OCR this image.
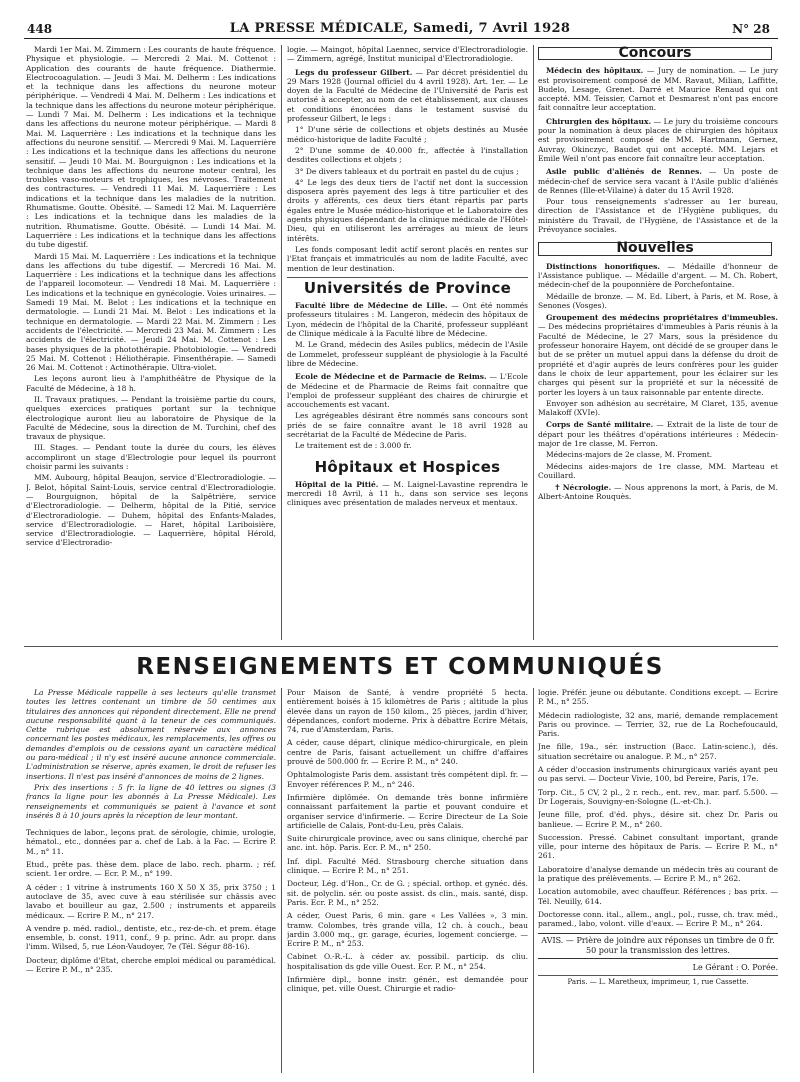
448	LA PRESSE MÉDICALE, Samedi, 7 Avril 1928	N° 28

Mardi 1er Mai. M. Zimmern : Les courants de haute fréquence. Physique et physiologie. — Mercredi 2 Mai. M. Cottenot : Application des courants de haute fréquence. Diathermie. Electrocoagulation. — Jeudi 3 Mai. M. Delherm : Les indications et la technique dans les affections du neurone moteur périphérique. — Vendredi 4 Mai. M. Delherm : Les indications et la technique dans les affections du neurone moteur périphérique. — Lundi 7 Mai. M. Delherm : Les indications et la technique dans les affections du neurone moteur périphérique. — Mardi 8 Mai. M. Laquerrière : Les indications et la technique dans les affections du neurone sensitif. — Mercredi 9 Mai. M. Laquerrière : Les indications et la technique dans les affections du neurone sensitif. — Jeudi 10 Mai. M. Bourguignon : Les indications et la technique dans les affections du neurone moteur central, les troubles vaso-moteurs et trophiques, les névroses. Traitement des contractures. — Vendredi 11 Mai. M. Laquerrière : Les indications et la technique dans les maladies de la nutrition. Rhumatisme. Goutte. Obésité. — Samedi 12 Mai. M. Laquerrière : Les indications et la technique dans les maladies de la nutrition. Rhumatisme. Goutte. Obésité. — Lundi 14 Mai. M. Laquerrière : Les indications et la technique dans les affections du tube digestif.

Mardi 15 Mai. M. Laquerrière : Les indications et la technique dans les affections du tube digestif. — Mercredi 16 Mai. M. Laquerrière : Les indications et la technique dans les affections de l'appareil locomoteur. — Vendredi 18 Mai. M. Laquerrière : Les indications et la technique en gynécologie. Voies urinaires. — Samedi 19 Mai. M. Belot : Les indications et la technique en dermatologie. — Lundi 21 Mai. M. Belot : Les indications et la technique en dermatologie. — Mardi 22 Mai. M. Zimmern : Les accidents de l'électricité. — Mercredi 23 Mai. M. Zimmern : Les accidents de l'électricité. — Jeudi 24 Mai. M. Cottenot : Les bases physiques de la photothérapie. Photobiologie. — Vendredi 25 Mai. M. Cottenot : Héliothérapie. Finsenthérapie. — Samedi 26 Mai. M. Cottenot : Actinothérapie. Ultra-violet.

Les leçons auront lieu à l'amphithéâtre de Physique de la Faculté de Médecine, à 18 h.

II. Travaux pratiques. — Pendant la troisième partie du cours, quelques exercices pratiques portant sur la technique électrologique auront lieu au laboratoire de Physique de la Faculté de Médecine, sous la direction de M. Turchini, chef des travaux de physique.

III. Stages. — Pendant toute la durée du cours, les élèves accompliront un stage d'Electrologie pour lequel ils pourront choisir parmi les suivants :

MM. Aubourg, hôpital Beaujon, service d'Electroradiologie. — J. Belot, hôpital Saint-Louis, service central d'Electroradiologie. — Bourguignon, hôpital de la Salpêtrière, service d'Electroradiologie. — Delherm, hôpital de la Pitié, service d'Electroradiologie. — Duhem, hôpital des Enfants-Malades, service d'Electroradiologie. — Haret, hôpital Lariboisière, service d'Electroradiologie. — Laquerrière, hôpital Hérold, service d'Electroradio-

logie. — Maingot, hôpital Laennec, service d'Electroradiologie. — Zimmern, agrégé, Institut municipal d'Electroradiologie.

Legs du professeur Gilbert. — Par décret présidentiel du 29 Mars 1928 (Journal officiel du 4 avril 1928). Art. 1er. — Le doyen de la Faculté de Médecine de l'Université de Paris est autorisé à accepter, au nom de cet établissement, aux clauses et conditions énoncées dans le testament susvisé du professeur Gilbert, le legs :

1° D'une série de collections et objets destinés au Musée médico-historique de ladite Faculté ;

2° D'une somme de 40.000 fr., affectée à l'installation desdites collections et objets ;

3° De divers tableaux et du portrait en pastel du de cujus ;

4° Le legs des deux tiers de l'actif net dont la succession disposera après payement des legs à titre particulier et des droits y afférents, ces deux tiers étant répartis par parts égales entre le Musée médico-historique et le Laboratoire des agents physiques dépendant de la clinique médicale de l'Hôtel-Dieu, qui en utiliseront les arrérages au mieux de leurs intérêts.

Les fonds composant ledit actif seront placés en rentes sur l'Etat français et immatriculés au nom de ladite Faculté, avec mention de leur destination.

Universités de Province

Faculté libre de Médecine de Lille. — Ont été nommés professeurs titulaires : M. Langeron, médecin des hôpitaux de Lyon, médecin de l'hôpital de la Charité, professeur suppléant de Clinique médicale à la Faculté libre de Médecine.

M. Le Grand, médecin des Asiles publics, médecin de l'Asile de Lommelet, professeur suppléant de physiologie à la Faculté libre de Médecine.

Ecole de Médecine et de Parmacie de Reims. — L'Ecole de Médecine et de Pharmacie de Reims fait connaître que l'emploi de professeur suppléant des chaires de chirurgie et accouchements est vacant.

Les agrégeables désirant être nommés sans concours sont priés de se faire connaître avant le 18 avril 1928 au secrétariat de la Faculté de Médecine de Paris.

Le traitement est de : 3.000 fr.

Hôpitaux et Hospices

Hôpital de la Pitié. — M. Laignel-Lavastine reprendra le mercredi 18 Avril, à 11 h., dans son service ses leçons cliniques avec présentation de malades nerveux et mentaux.

Concours

Médecin des hôpitaux. — Jury de nomination. — Le jury est provisoirement composé de MM. Ravaut, Milian, Laffitte, Budelo, Lesage, Grenet. Darré et Maurice Renaud qui ont accepté. MM. Teissier, Carnot et Desmarest n'ont pas encore fait connaître leur acceptation.

Chirurgien des hôpitaux. — Le jury du troisième concours pour la nomination à deux places de chirurgien des hôpitaux est provisoirement composé de MM. Hartmann, Gernez, Auvray, Okinczyc, Baudet qui ont accepté. MM. Lejars et Emile Weil n'ont pas encore fait connaître leur acceptation.

Asile public d'aliénés de Rennes. — Un poste de médecin-chef de service sera vacant à l'Asile public d'aliénés de Rennes (Ille-et-Vilaine) à dater du 15 Avril 1928.

Pour tous renseignements s'adresser au 1er bureau, direction de l'Assistance et de l'Hygiène publiques, du ministère du Travail, de l'Hygiène, de l'Assistance et de la Prévoyance sociales.

Nouvelles

Distinctions honorifiques. — Médaille d'honneur de l'Assistance publique. — Médaille d'argent. — M. Ch. Robert, médecin-chef de la pouponnière de Porchefontaine.

Médaille de bronze. — M. Ed. Libert, à Paris, et M. Rose, à Senones (Vosges).

Groupement des médecins propriétaires d'immeubles. — Des médecins propriétaires d'immeubles à Paris réunis à la Faculté de Médecine, le 27 Mars, sous la présidence du professeur honoraire Hayem, ont décidé de se grouper dans le but de se prêter un mutuel appui dans la défense du droit de propriété et d'agir auprès de leurs confrères pour les guider dans le choix de leur appartement, pour les éclairer sur les charges qui pèsent sur la propriété et sur la nécessité de porter les loyers à un taux raisonnable par entente directe.

Envoyer son adhésion au secrétaire, M Claret, 135, avenue Malakoff (XVIe).

Corps de Santé militaire. — Extrait de la liste de tour de départ pour les théâtres d'opérations intérieures : Médecin-major de 1re classe, M. Ferron.

Médecins-majors de 2e classe, M. Froment.

Médecins aides-majors de 1re classe, MM. Marteau et Couillard.

✝ Nécrologie. — Nous apprenons la mort, à Paris, de M. Albert-Antoine Rouquès.

RENSEIGNEMENTS ET COMMUNIQUÉS

La Presse Médicale rappelle à ses lecteurs qu'elle transmet toutes les lettres contenant un timbre de 50 centimes aux titulaires des annonces qui répondent directement. Elle ne prend aucune responsabilité quant à la teneur de ces communiqués. Cette rubrique est absolument réservée aux annonces concernant les postes médicaux, les remplacements, les offres ou demandes d'emplois ou de cessions ayant un caractère médical ou para-médical ; il n'y est inséré aucune annonce commerciale. L'administration se réserve, après examen, le droit de refuser les insertions. Il n'est pas inséré d'annonces de moins de 2 lignes.

Prix des insertions : 5 fr. la ligne de 40 lettres ou signes (3 francs la ligne pour les abonnés à La Presse Médicale). Les renseignements et communiqués se paient à l'avance et sont insérés 8 à 10 jours après la réception de leur montant.

Techniques de labor., leçons prat. de sérologie, chimie, urologie, hématol., etc., données par a. chef de Lab. à la Fac. — Ecrire P. M., n° 11.

Etud., prête pas. thèse dem. place de labo. rech. pharm. ; réf. scient. 1er ordre. — Ecr. P. M., n° 199.

A céder : 1 vitrine à instruments 160 X 50 X 35, prix 3750 ; 1 autoclave de 35, avec cuve à eau stérilisée sur châssis avec lavabo et bouilleur au gaz, 2.500 ; instruments et appareils médicaux. — Ecrire P. M., n° 217.

A vendre p. méd. radiol., dentiste, etc., rez-de-ch. et prem. étage ensemble, b. const. 1911, conf., 9 p. princ. Adr. au propr. dans l'imm. Wilsed, 5, rue Léon-Vaudoyer, 7e (Tél. Ségur 88-16).

Docteur, diplôme d'Etat, cherche emploi médical ou paramédical. — Ecrire P. M., n° 235.

Pour Maison de Santé, à vendre propriété 5 hecta. entièrement boisés à 15 kilomètres de Paris ; altitude la plus élevée dans un rayon de 150 kilom., 25 pièces, jardin d'hiver, dépendances, confort moderne. Prix à débattre Ecrire Métais, 74, rue d'Amsterdam, Paris.

A céder, cause départ, clinique médico-chirurgicale, en plein centre de Paris, faisant actuellement un chiffre d'affaires prouvé de 500.000 fr. — Ecrire P. M., n° 240.

Ophtalmologiste Paris dem. assistant très compétent dipl. fr. — Envoyer références P. M., n° 246.

Infirmière diplômée. On demande très bonne infirmière connaissant parfaitement la partie et pouvant conduire et organiser service d'infirmerie. — Ecrire Directeur de La Soie artificielle de Calais, Pont-du-Leu, près Calais.

Suite chirurgicale province, avec ou sans clinique, cherché par anc. int. hôp. Paris. Ecr. P. M., n° 250.

Inf. dipl. Faculté Méd. Strasbourg cherche situation dans clinique. — Ecrire P. M., n° 251.

Docteur, Lég. d'Hon., Cr. de G. ; spécial. orthop. et gynéc. dés. sit. de polyclin. sér. ou poste assist. ds clin., mais. santé, disp. Paris. Ecr. P. M., n° 252.

A céder, Ouest Paris, 6 min. gare « Les Vallées », 3 min. tramw. Colombes, très grande villa, 12 ch. à couch., beau jardin 3.000 mq., gr. garage, écuries, logement concierge. — Ecrire P. M., n° 253.

Cabinet O.-R.-L. à céder av. possibil. particip. ds cliu. hospitalisation ds gde ville Ouest. Ecr. P. M., n° 254.

Infirmière dipl., bonne instr. génér., est demandée pour clinique, pet. ville Ouest. Chirurgie et radio-

logie. Préfér. jeune ou débutante. Conditions except. — Ecrire P. M., n° 255.

Médecin radiologiste, 32 ans, marié, demande remplacement Paris ou province. — Terrier, 32, rue de La Rochefoucauld, Paris.

Jne fille, 19a., sér. instruction (Bacc. Latin-scienc.), dés. situation secrétaire ou analogue. P. M., n° 257.

A céder d'occasion instruments chirurgicaux variés ayant peu ou pas servi. — Docteur Vivie, 100, bd Pereire, Paris, 17e.

Torp. Cit., 5 CV, 2 pl., 2 r. rech., ent. rev., mar. parf. 5.500. — Dr Logerais, Souvigny-en-Sologne (L.-et-Ch.).

Jeune fille, prof. d'éd. phys., désire sit. chez Dr. Paris ou banlieue. — Ecrire P. M., n° 260.

Succession. Pressé. Cabinet consultant important, grande ville, pour interne des hôpitaux de Paris. — Ecrire P. M., n° 261.

Laboratoire d'analyse demande un médecin très au courant de la pratique des prélèvements. — Ecrire P. M., n° 262.

Location automobile, avec chauffeur. Références ; bas prix. — Tél. Neuilly, 614.

Doctoresse conn. ital., allem., angl., pol., russe, ch. trav. méd., paramed., labo, volont. ville d'eaux. — Ecrire P. M., n° 264.

AVIS. — Prière de joindre aux réponses un timbre de 0 fr. 50 pour la transmission des lettres.
Le Gérant : O. Porée.
Paris. — L. Maretheux, imprimeur, 1, rue Cassette.
